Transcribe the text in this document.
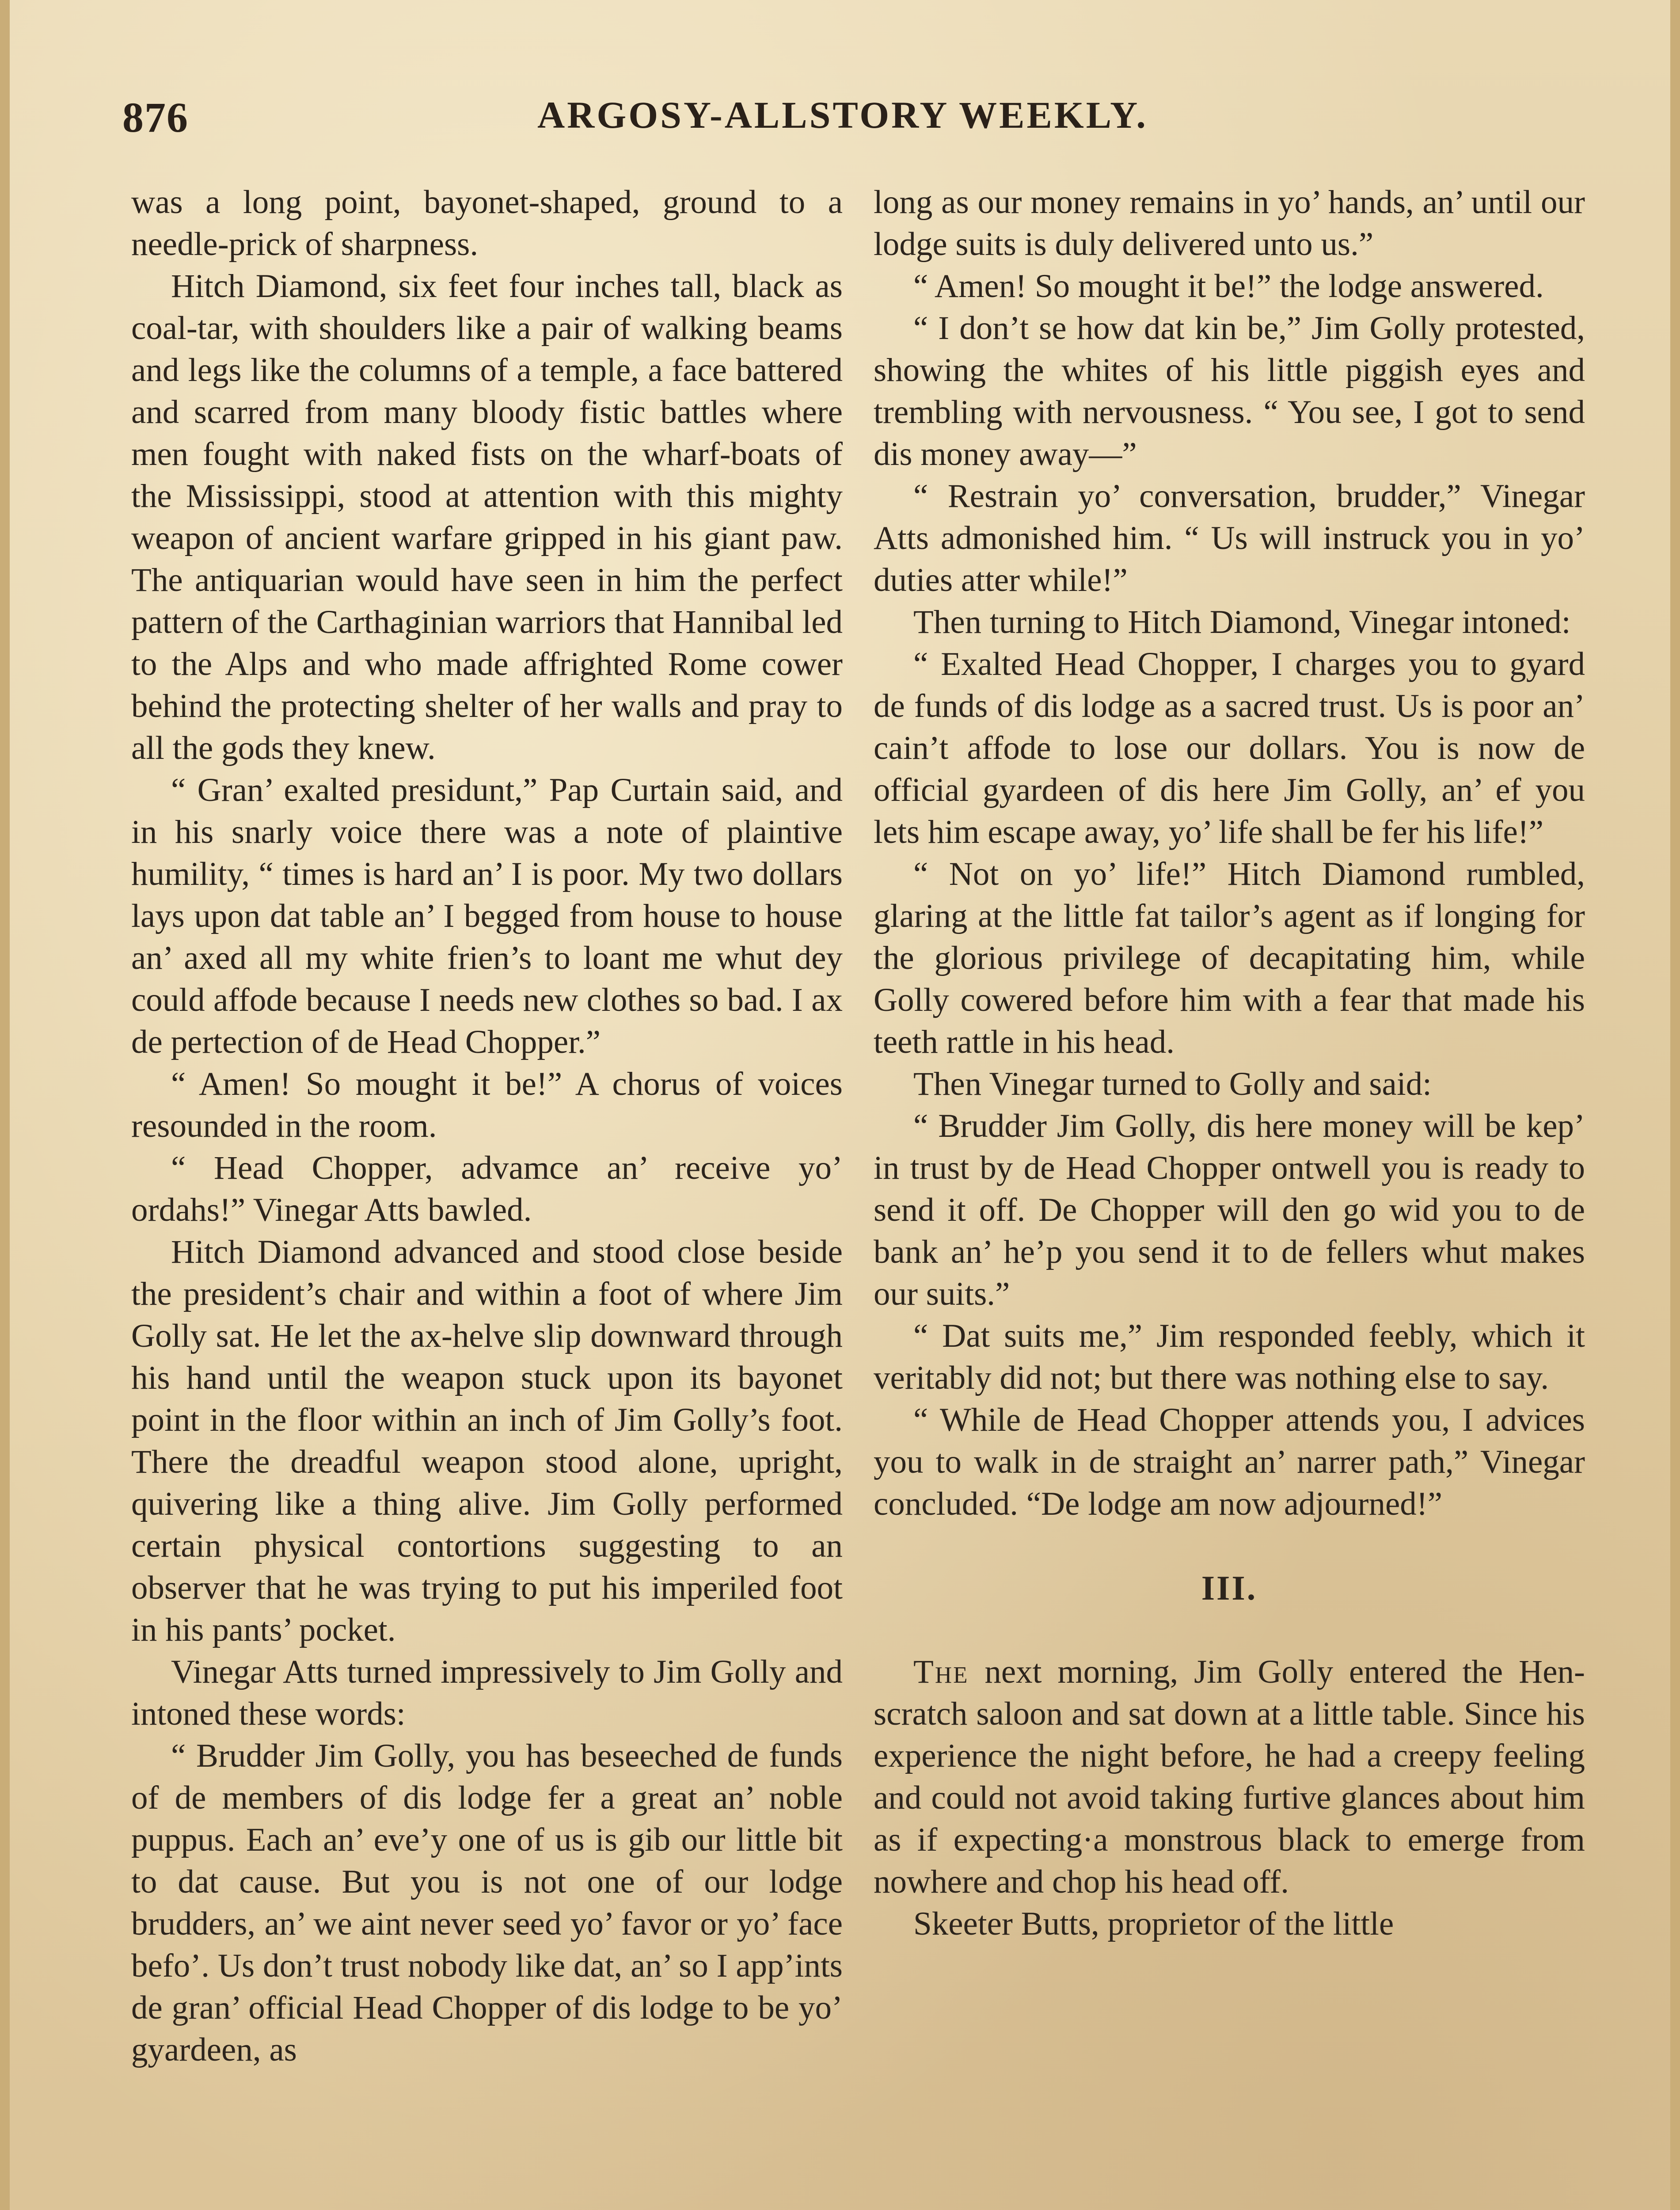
876	ARGOSY-ALLSTORY WEEKLY.

was a long point, bayonet-shaped, ground to a needle-prick of sharpness.

Hitch Diamond, six feet four inches tall, black as coal-tar, with shoulders like a pair of walking beams and legs like the columns of a temple, a face battered and scarred from many bloody fistic battles where men fought with naked fists on the wharf-boats of the Mississippi, stood at attention with this mighty weapon of ancient warfare gripped in his giant paw. The antiquarian would have seen in him the perfect pattern of the Carthaginian warriors that Hannibal led to the Alps and who made affrighted Rome cower behind the protecting shelter of her walls and pray to all the gods they knew.

“ Gran’ exalted presidunt,” Pap Curtain said, and in his snarly voice there was a note of plaintive humility, “ times is hard an’ I is poor. My two dollars lays upon dat table an’ I begged from house to house an’ axed all my white frien’s to loant me whut dey could affode because I needs new clothes so bad. I ax de pertection of de Head Chopper.”

“ Amen! So mought it be!” A chorus of voices resounded in the room.

“ Head Chopper, advamce an’ receive yo’ ordahs!” Vinegar Atts bawled.

Hitch Diamond advanced and stood close beside the president’s chair and within a foot of where Jim Golly sat. He let the ax-helve slip downward through his hand until the weapon stuck upon its bayonet point in the floor within an inch of Jim Golly’s foot. There the dreadful weapon stood alone, upright, quivering like a thing alive. Jim Golly performed certain physical contortions suggesting to an observer that he was trying to put his imperiled foot in his pants’ pocket.

Vinegar Atts turned impressively to Jim Golly and intoned these words:

“ Brudder Jim Golly, you has beseeched de funds of de members of dis lodge fer a great an’ noble puppus. Each an’ eve’y one of us is gib our little bit to dat cause. But you is not one of our lodge brudders, an’ we aint never seed yo’ favor or yo’ face befo’. Us don’t trust nobody like dat, an’ so I app’ints de gran’ official Head Chopper of dis lodge to be yo’ gyardeen, as

long as our money remains in yo’ hands, an’ until our lodge suits is duly delivered unto us.”

“ Amen! So mought it be!” the lodge answered.

“ I don’t se how dat kin be,” Jim Golly protested, showing the whites of his little piggish eyes and trembling with nervousness. “ You see, I got to send dis money away—”

“ Restrain yo’ conversation, brudder,” Vinegar Atts admonished him. “ Us will instruck you in yo’ duties atter while!”

Then turning to Hitch Diamond, Vinegar intoned:

“ Exalted Head Chopper, I charges you to gyard de funds of dis lodge as a sacred trust. Us is poor an’ cain’t affode to lose our dollars. You is now de official gyardeen of dis here Jim Golly, an’ ef you lets him escape away, yo’ life shall be fer his life!”

“ Not on yo’ life!” Hitch Diamond rumbled, glaring at the little fat tailor’s agent as if longing for the glorious privilege of decapitating him, while Golly cowered before him with a fear that made his teeth rattle in his head.

Then Vinegar turned to Golly and said:

“ Brudder Jim Golly, dis here money will be kep’ in trust by de Head Chopper ontwell you is ready to send it off. De Chopper will den go wid you to de bank an’ he’p you send it to de fellers whut makes our suits.”

“ Dat suits me,” Jim responded feebly, which it veritably did not; but there was nothing else to say.

“ While de Head Chopper attends you, I advices you to walk in de straight an’ narrer path,” Vinegar concluded. “De lodge am now adjourned!”

III.

The next morning, Jim Golly entered the Hen-scratch saloon and sat down at a little table. Since his experience the night before, he had a creepy feeling and could not avoid taking furtive glances about him as if expecting·a monstrous black to emerge from nowhere and chop his head off.

Skeeter Butts, proprietor of the little
